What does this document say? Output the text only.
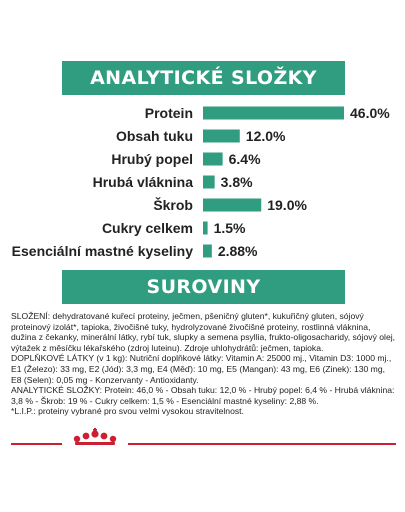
ANALYTICKÉ SLOŽKY
Protein	46.0%
Obsah tuku	12.0%
Hrubý popel	6.4%
Hrubá vláknina 3.8%
Škrob	19.0%
Cukry celkem 1.5%
Esenciální mastné kyseliny 2.88%
SUROVINY

SLOŽENÍ: dehydratované kuřecí proteiny, ječmen, pšeničný gluten*, kukuřičný gluten, sójový proteinový izolát*, tapioka, živočišné tuky, hydrolyzované živočišné proteiny, rostlinná vláknina, dužina z čekanky, minerální látky, rybí tuk, slupky a semena psyllia, frukto-oligosacharidy, sójový olej, výtažek z měsíčku lékařského (zdroj luteinu). Zdroje uhlohydrátů: ječmen, tapioka.

DOPLŇKOVÉ LÁTKY (v 1 kg): Nutriční doplňkové látky: Vitamin A: 25000 mj., Vitamin D3: 1000 mj., E1 (Železo): 33 mg, E2 (Jód): 3,3 mg, E4 (Měď): 10 mg, E5 (Mangan): 43 mg, E6 (Zinek): 130 mg, E8 (Selen): 0,05 mg - Konzervanty - Antioxidanty.

ANALYTICKÉ SLOŽKY: Protein: 46,0 % - Obsah tuku: 12,0 % - Hrubý popel: 6,4 % - Hrubá vláknina: 3,8 % - Škrob: 19 % - Cukry celkem: 1,5 % - Esenciální mastné kyseliny: 2,88 %.

*L.I.P.: proteiny vybrané pro svou velmi vysokou stravitelnost.
